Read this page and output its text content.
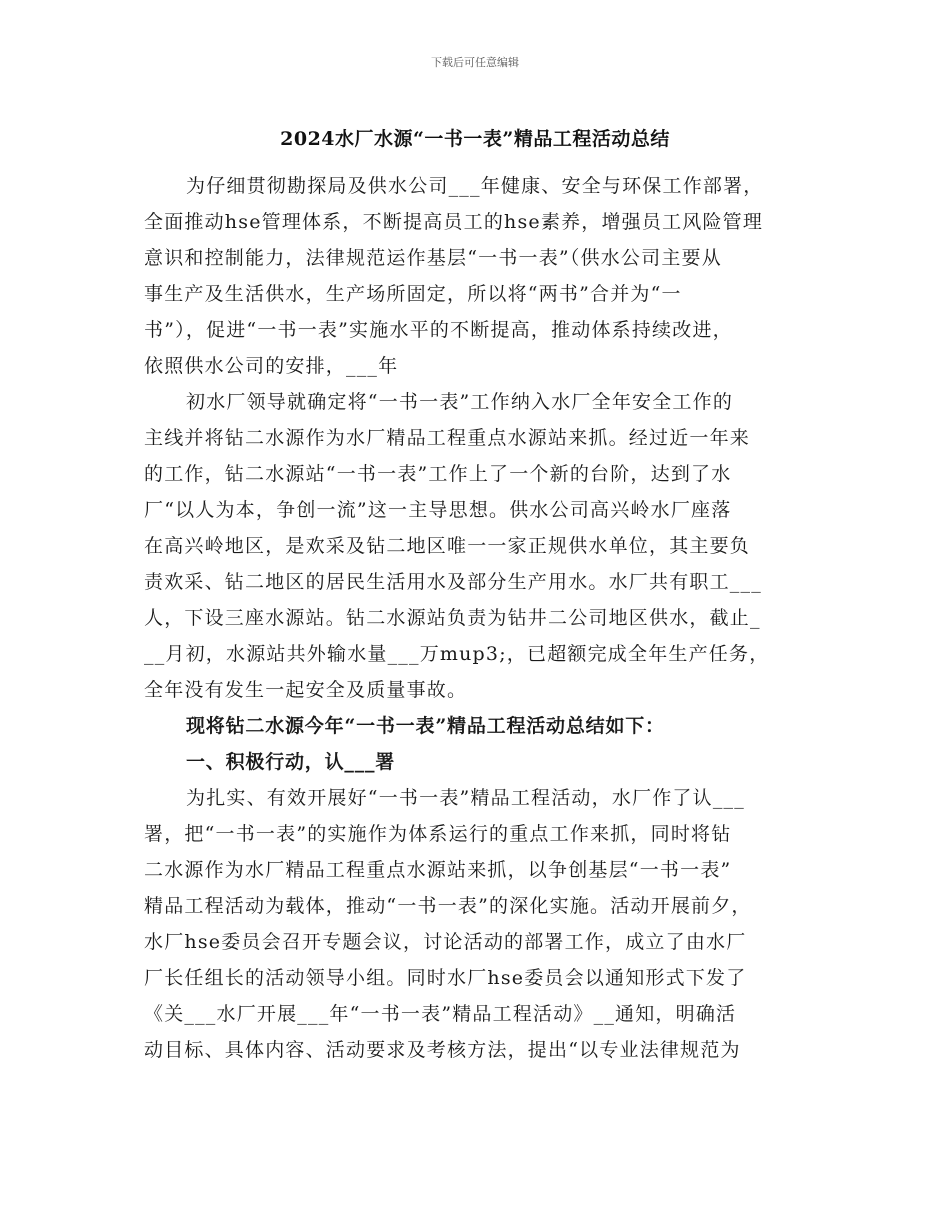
下载后可任意编辑
2024水厂水源“一书一表”精品工程活动总结
为仔细贯彻勘探局及供水公司___年健康、安全与环保工作部署，
全面推动hse管理体系，不断提高员工的hse素养，增强员工风险管理
意识和控制能力，法律规范运作基层“一书一表”（供水公司主要从
事生产及生活供水，生产场所固定，所以将“两书”合并为“一
书”），促进“一书一表”实施水平的不断提高，推动体系持续改进，
依照供水公司的安排，___年
初水厂领导就确定将“一书一表”工作纳入水厂全年安全工作的
主线并将钻二水源作为水厂精品工程重点水源站来抓。经过近一年来
的工作，钻二水源站“一书一表”工作上了一个新的台阶，达到了水
厂“以人为本，争创一流”这一主导思想。供水公司高兴岭水厂座落
在高兴岭地区，是欢采及钻二地区唯一一家正规供水单位，其主要负
责欢采、钻二地区的居民生活用水及部分生产用水。水厂共有职工___
人，下设三座水源站。钻二水源站负责为钻井二公司地区供水，截止_
__月初，水源站共外输水量___万mup3;，已超额完成全年生产任务，
全年没有发生一起安全及质量事故。
现将钻二水源今年“一书一表”精品工程活动总结如下：
一、积极行动，认___署
为扎实、有效开展好“一书一表”精品工程活动，水厂作了认___
署，把“一书一表”的实施作为体系运行的重点工作来抓，同时将钻
二水源作为水厂精品工程重点水源站来抓，以争创基层“一书一表”
精品工程活动为载体，推动“一书一表”的深化实施。活动开展前夕，
水厂hse委员会召开专题会议，讨论活动的部署工作，成立了由水厂
厂长任组长的活动领导小组。同时水厂hse委员会以通知形式下发了
《关___水厂开展___年“一书一表”精品工程活动》__通知，明确活
动目标、具体内容、活动要求及考核方法，提出“以专业法律规范为
